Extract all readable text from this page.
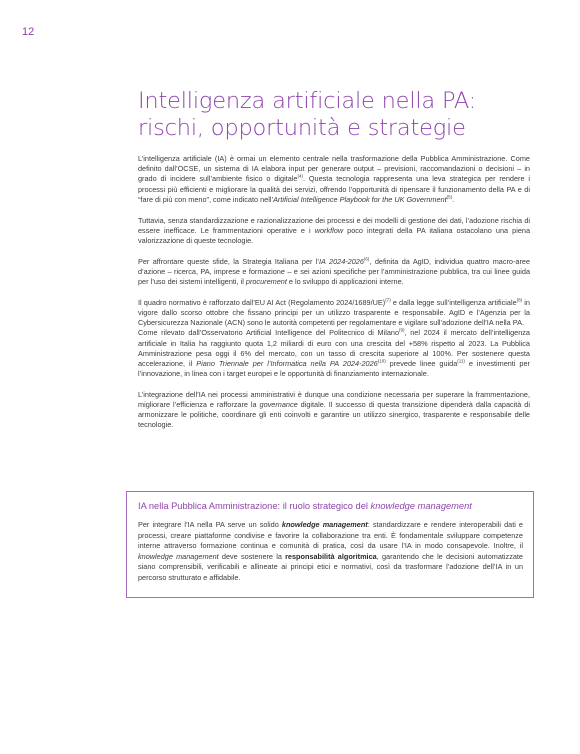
12
Intelligenza artificiale nella PA:
rischi, opportunità e strategie

L’intelligenza artificiale (IA) è ormai un elemento centrale nella trasformazione della Pubblica Amministrazione. Come definito dall’OCSE, un sistema di IA elabora input per generare output – previsioni, raccomandazioni o decisioni – in grado di incidere sull’ambiente fisico o digitale$^{(4)}$. Questa tecnologia rappresenta una leva strategica per rendere i processi più efficienti e migliorare la qualità dei servizi, offrendo l’opportunità di ripensare il funzionamento della PA e di “fare di più con meno”, come indicato nell’Artificial Intelligence Playbook for the UK Government$^{(5)}$.

Tuttavia, senza standardizzazione e razionalizzazione dei processi e dei modelli di gestione dei dati, l’adozione rischia di essere inefficace. Le frammentazioni operative e i workflow poco integrati della PA italiana ostacolano una piena valorizzazione di queste tecnologie.

Per affrontare queste sfide, la Strategia Italiana per l’IA 2024-2026$^{(6)}$, definita da AgID, individua quattro macro-aree d’azione – ricerca, PA, imprese e formazione – e sei azioni specifiche per l’amministrazione pubblica, tra cui linee guida per l’uso dei sistemi intelligenti, il procurement e lo sviluppo di applicazioni interne.

Il quadro normativo è rafforzato dall’EU AI Act (Regolamento 2024/1689/UE)$^{(7)}$ e dalla legge sull’intelligenza artificiale$^{(8)}$ in vigore dallo scorso ottobre che fissano principi per un utilizzo trasparente e responsabile. AgID e l’Agenzia per la Cybersicurezza Nazionale (ACN) sono le autorità competenti per regolamentare e vigilare sull’adozione dell’IA nella PA.

Come rilevato dall’Osservatorio Artificial Intelligence del Politecnico di Milano$^{(9)}$, nel 2024 il mercato dell’intelligenza artificiale in Italia ha raggiunto quota 1,2 miliardi di euro con una crescita del +58% rispetto al 2023. La Pubblica Amministrazione pesa oggi il 6% del mercato, con un tasso di crescita superiore al 100%. Per sostenere questa accelerazione, il Piano Triennale per l’Informatica nella PA 2024-2026$^{(10)}$ prevede linee guida$^{(11)}$ e investimenti per l’innovazione, in linea con i target europei e le opportunità di finanziamento internazionale.

L’integrazione dell’IA nei processi amministrativi è dunque una condizione necessaria per superare la frammentazione, migliorare l’efficienza e rafforzare la governance digitale. Il successo di questa transizione dipenderà dalla capacità di armonizzare le politiche, coordinare gli enti coinvolti e garantire un utilizzo sinergico, trasparente e responsabile delle tecnologie.

IA nella Pubblica Amministrazione: il ruolo strategico del knowledge management

Per integrare l’IA nella PA serve un solido knowledge management: standardizzare e rendere interoperabili dati e processi, creare piattaforme condivise e favorire la collaborazione tra enti. È fondamentale sviluppare competenze interne attraverso formazione continua e comunità di pratica, così da usare l’IA in modo consapevole. Inoltre, il knowledge management deve sostenere la responsabilità algoritmica, garantendo che le decisioni automatizzate siano comprensibili, verificabili e allineate ai principi etici e normativi, così da trasformare l’adozione dell’IA in un percorso strutturato e affidabile.
